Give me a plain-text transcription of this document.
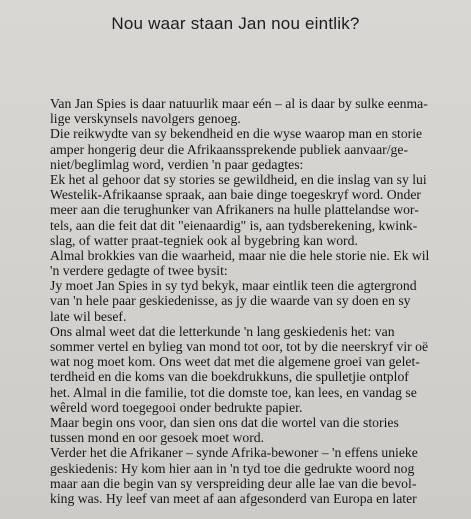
Nou waar staan Jan nou eintlik?
Van Jan Spies is daar natuurlik maar eén – al is daar by sulke eenma-
lige verskynsels navolgers genoeg.
Die reikwydte van sy bekendheid en die wyse waarop man en storie
amper hongerig deur die Afrikaanssprekende publiek aanvaar/ge-
niet/beglimlag word, verdien 'n paar gedagtes:
Ek het al gehoor dat sy stories se gewildheid, en die inslag van sy lui
Westelik-Afrikaanse spraak, aan baie dinge toegeskryf word. Onder
meer aan die terughunker van Afrikaners na hulle plattelandse wor-
tels, aan die feit dat dit "eienaardig" is, aan tydsberekening, kwink-
slag, of watter praat-tegniek ook al bygebring kan word.
Almal brokkies van die waarheid, maar nie die hele storie nie. Ek wil
'n verdere gedagte of twee bysit:
Jy moet Jan Spies in sy tyd bekyk, maar eintlik teen die agtergrond
van 'n hele paar geskiedenisse, as jy die waarde van sy doen en sy
late wil besef.
Ons almal weet dat die letterkunde 'n lang geskiedenis het: van
sommer vertel en bylieg van mond tot oor, tot by die neerskryf vir oë
wat nog moet kom. Ons weet dat met die algemene groei van gelet-
terdheid en die koms van die boekdrukkuns, die spulletjie ontplof
het. Almal in die familie, tot die domste toe, kan lees, en vandag se
wêreld word toegegooi onder bedrukte papier.
Maar begin ons voor, dan sien ons dat die wortel van die stories
tussen mond en oor gesoek moet word.
Verder het die Afrikaner – synde Afrika-bewoner – 'n effens unieke
geskiedenis: Hy kom hier aan in 'n tyd toe die gedrukte woord nog
maar aan die begin van sy verspreiding deur alle lae van die bevol-
king was. Hy leef van meet af aan afgesonderd van Europa en later
